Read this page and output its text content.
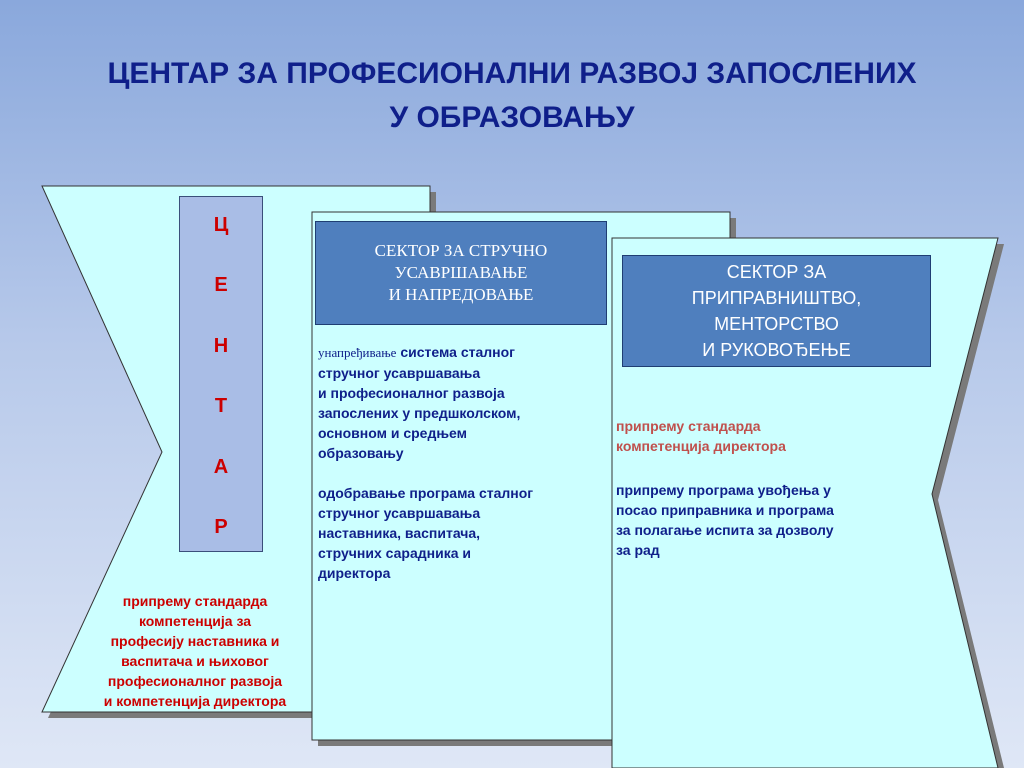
ЦЕНТАР ЗА ПРОФЕСИОНАЛНИ РАЗВОЈ ЗАПОСЛЕНИХ
У ОБРАЗОВАЊУ
Ц
Е
Н
Т
А
Р
СЕКТОР ЗА СТРУЧНО
УСАВРШАВАЊЕ
И НАПРЕДОВАЊЕ
СЕКТОР ЗА
ПРИПРАВНИШТВО,
МЕНТОРСТВО
И РУКОВОЂЕЊЕ
припрему стандарда
компетенција за
професију наставника и
васпитача и њиховог
професионалног развоја
и компетенција директора
унапређивање система сталног
стручног усавршавања
и професионалног развоја
запослених у предшколском,
основном и средњем
образовању
одобравање програма сталног
стручног усавршавања
наставника, васпитача,
стручних сарадника и
директора
припрему стандарда
компетенција директора
припрему програма увођења у
посао приправника и програма
за полагање испита за дозволу
за рад
